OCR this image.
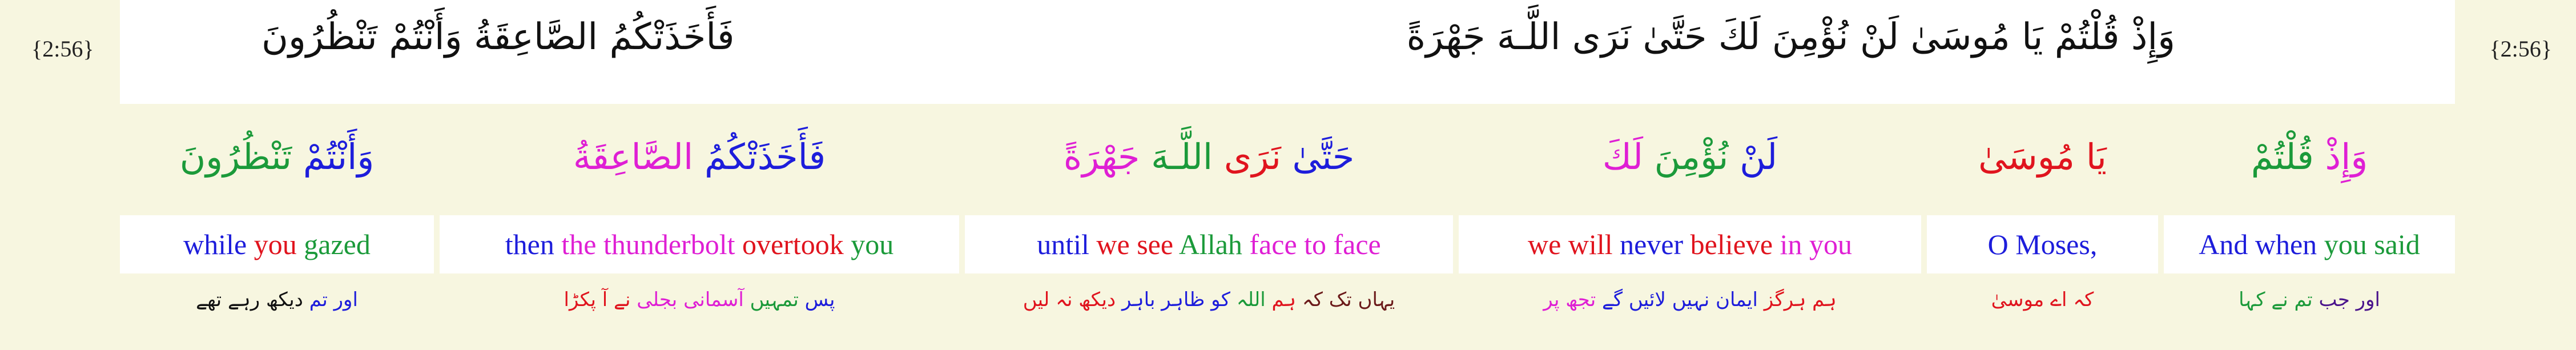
{2:56}	{2:56}
وَإِذْ قُلْتُمْ يَا مُوسَىٰ لَنْ نُؤْمِنَ لَكَ حَتَّىٰ نَرَى اللَّـهَ جَهْرَةً
فَأَخَذَتْكُمُ الصَّاعِقَةُ وَأَنْتُمْ تَنْظُرُونَ
وَإِذْ قُلْتُمْ
And when you said
اور جب تم نے کہا
يَا مُوسَىٰ
O Moses,
کہ اے موسیٰ
لَنْ نُؤْمِنَ لَكَ
we will never believe in you
ہم ہرگز ایمان نہیں لائیں گے تجھ پر
حَتَّىٰ نَرَى اللَّـهَ جَهْرَةً
until we see Allah face to face
یہاں تک کہ ہم اللہ کو ظاہر باہر دیکھ نہ لیں
فَأَخَذَتْكُمُ الصَّاعِقَةُ
then the thunderbolt overtook you
پس تمہیں آسمانی بجلی نے آ پکڑا
وَأَنْتُمْ تَنْظُرُونَ
while you gazed
اور تم دیکھ رہے تھے
